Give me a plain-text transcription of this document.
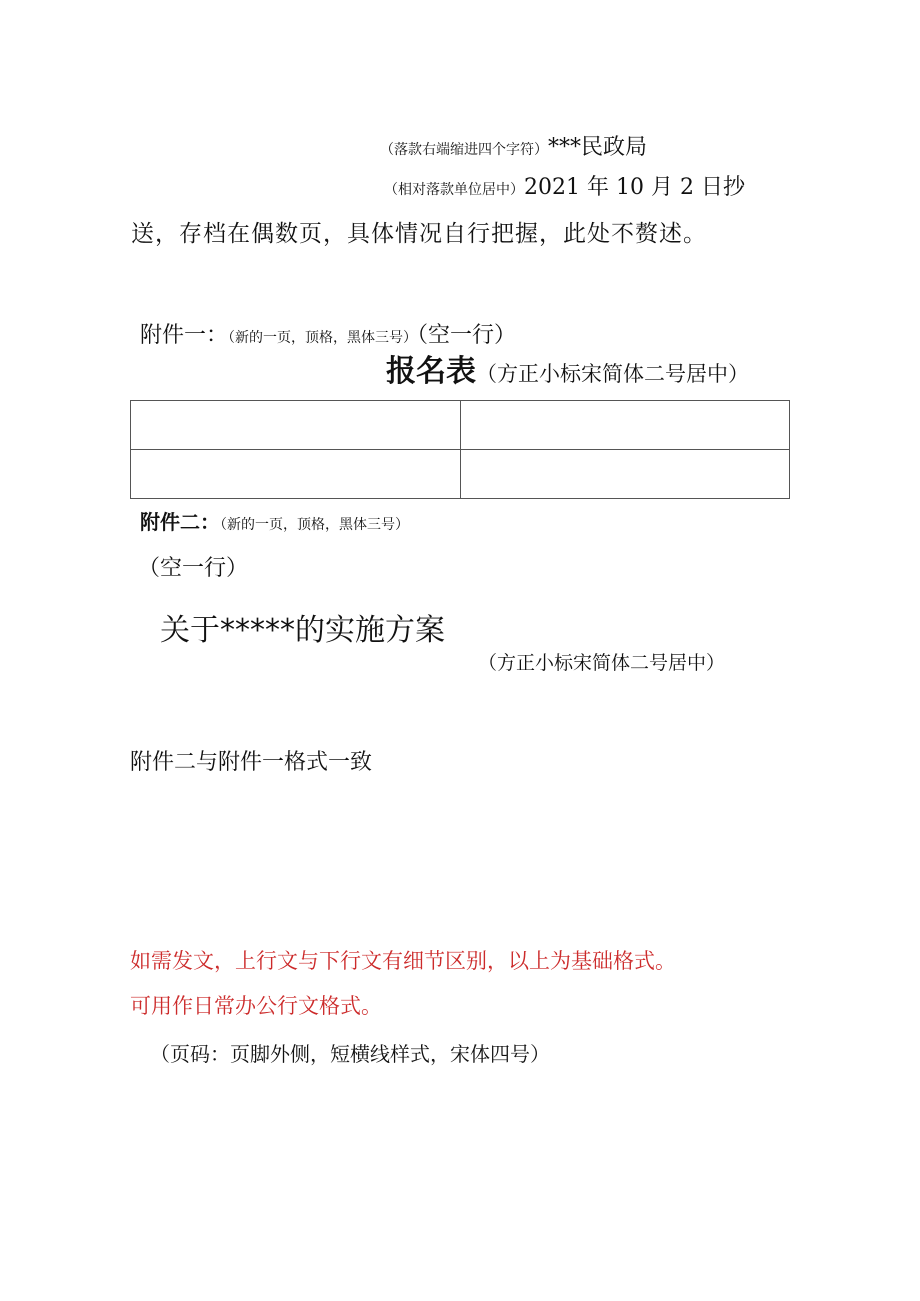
（落款右端缩进四个字符）***民政局
（相对落款单位居中）2021 年 10 月 2 日抄
送，存档在偶数页，具体情况自行把握，此处不赘述。
附件一：（新的一页，顶格，黑体三号）（空一行）
报名表（方正小标宋简体二号居中）

附件二：（新的一页，顶格，黑体三号）
（空一行）
关于*****的实施方案
（方正小标宋简体二号居中）
附件二与附件一格式一致
如需发文，上行文与下行文有细节区别，以上为基础格式。
可用作日常办公行文格式。
（页码：页脚外侧，短横线样式，宋体四号）
